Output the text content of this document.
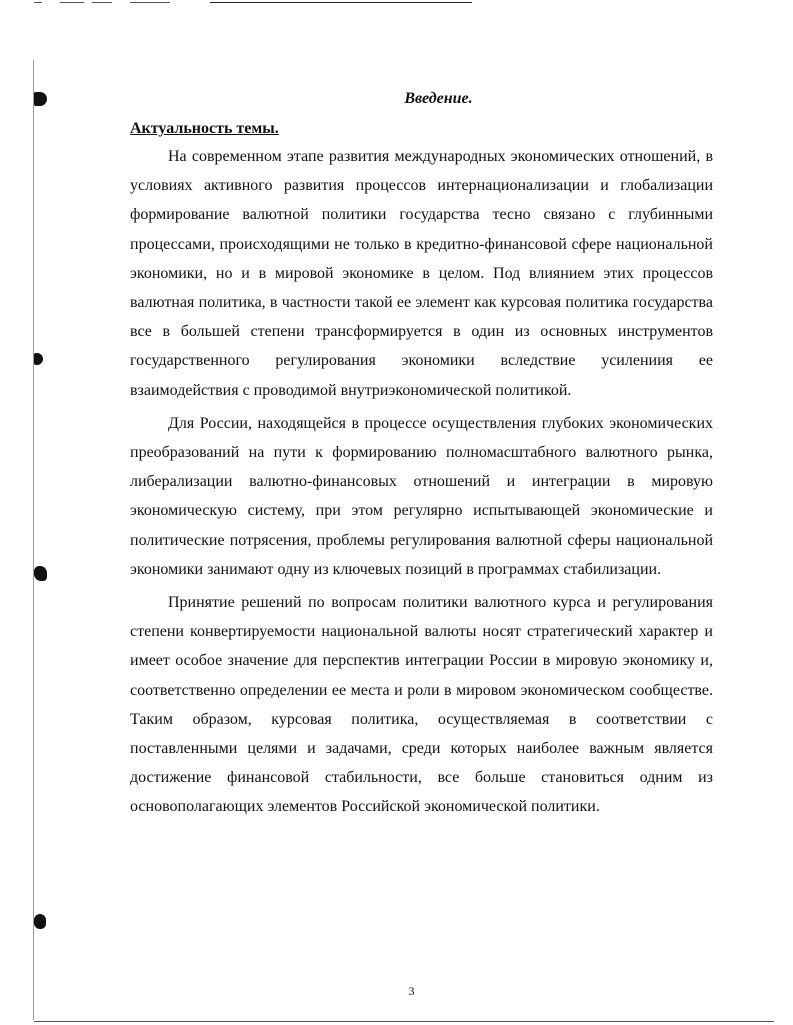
Введение.

Актуальность темы.

На современном этапе развития международных экономических отношений, в условиях активного развития процессов интернационализации и глобализации формирование валютной политики государства тесно связано с глубинными процессами, происходящими не только в кредитно-финансовой сфере национальной экономики, но и в мировой экономике в целом. Под влиянием этих процессов валютная политика, в частности такой ее элемент как курсовая политика государства все в большей степени трансформируется в один из основных инструментов государственного регулирования экономики вследствие усилениия ее взаимодействия с проводимой внутриэкономической политикой.

Для России, находящейся в процессе осуществления глубоких экономических преобразований на пути к формированию полномасштабного валютного рынка, либерализации валютно-финансовых отношений и интеграции в мировую экономическую систему, при этом регулярно испытывающей экономические и политические потрясения, проблемы регулирования валютной сферы национальной экономики занимают одну из ключевых позиций в программах стабилизации.

Принятие решений по вопросам политики валютного курса и регулирования степени конвертируемости национальной валюты носят стратегический характер и имеет особое значение для перспектив интеграции России в мировую экономику и, соответственно определении ее места и роли в мировом экономическом сообществе. Таким образом, курсовая политика, осуществляемая в соответствии с поставленными целями и задачами, среди которых наиболее важным является достижение финансовой стабильности, все больше становиться одним из основополагающих элементов Российской экономической политики.

3
